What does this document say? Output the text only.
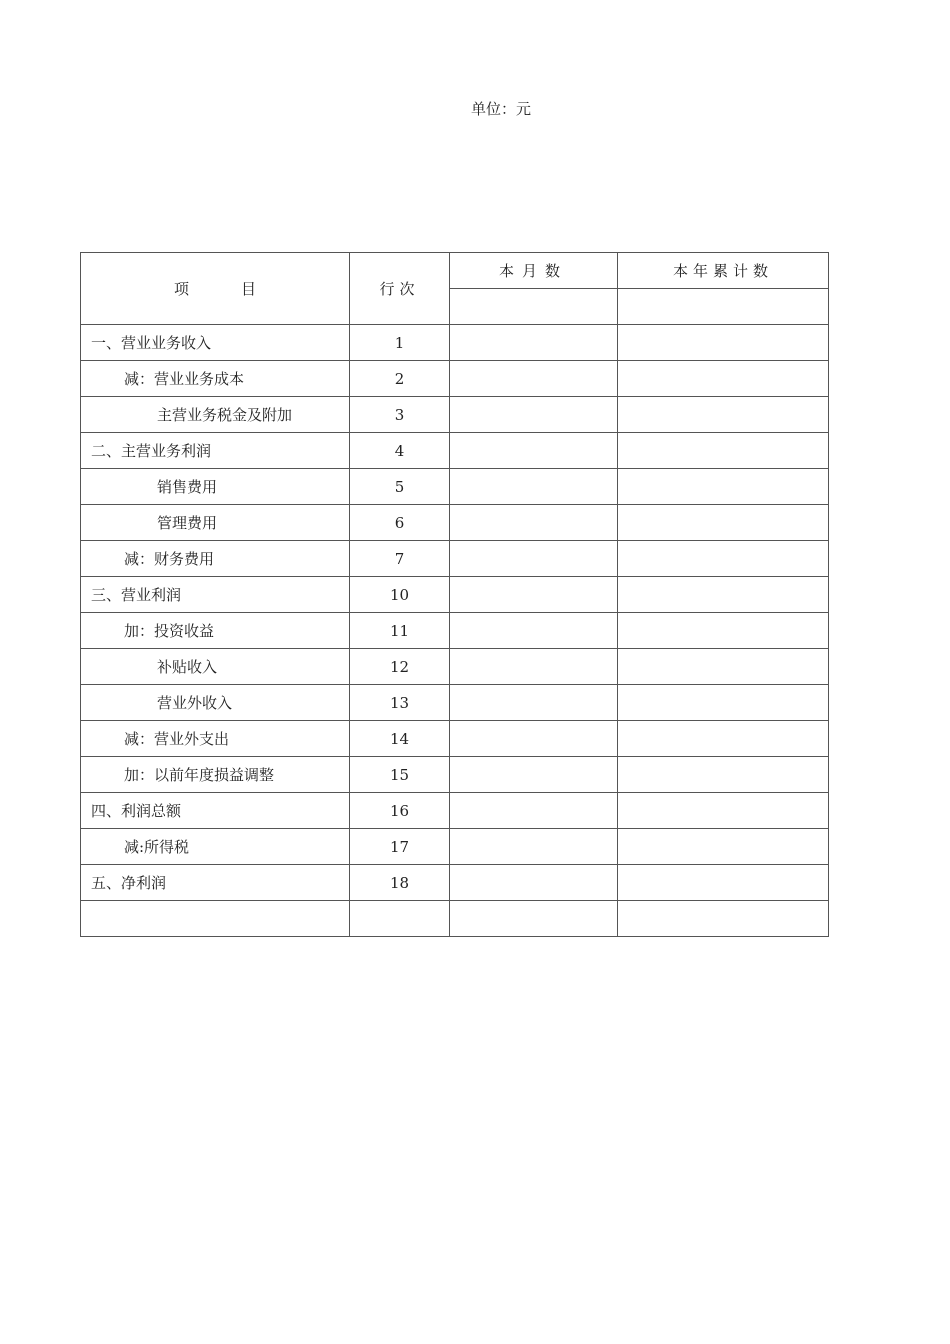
单位：元
项 目	行次	本月数	本年累计数

一、营业业务收入	1		
减：营业业务成本	2		
主营业务税金及附加	3		
二、主营业务利润	4		
销售费用	5		
管理费用	6		
减：财务费用	7		
三、营业利润	10		
加：投资收益	11		
补贴收入	12		
营业外收入	13		
减：营业外支出	14		
加：以前年度损益调整	15		
四、利润总额	16		
减:所得税	17		
五、净利润	18		
